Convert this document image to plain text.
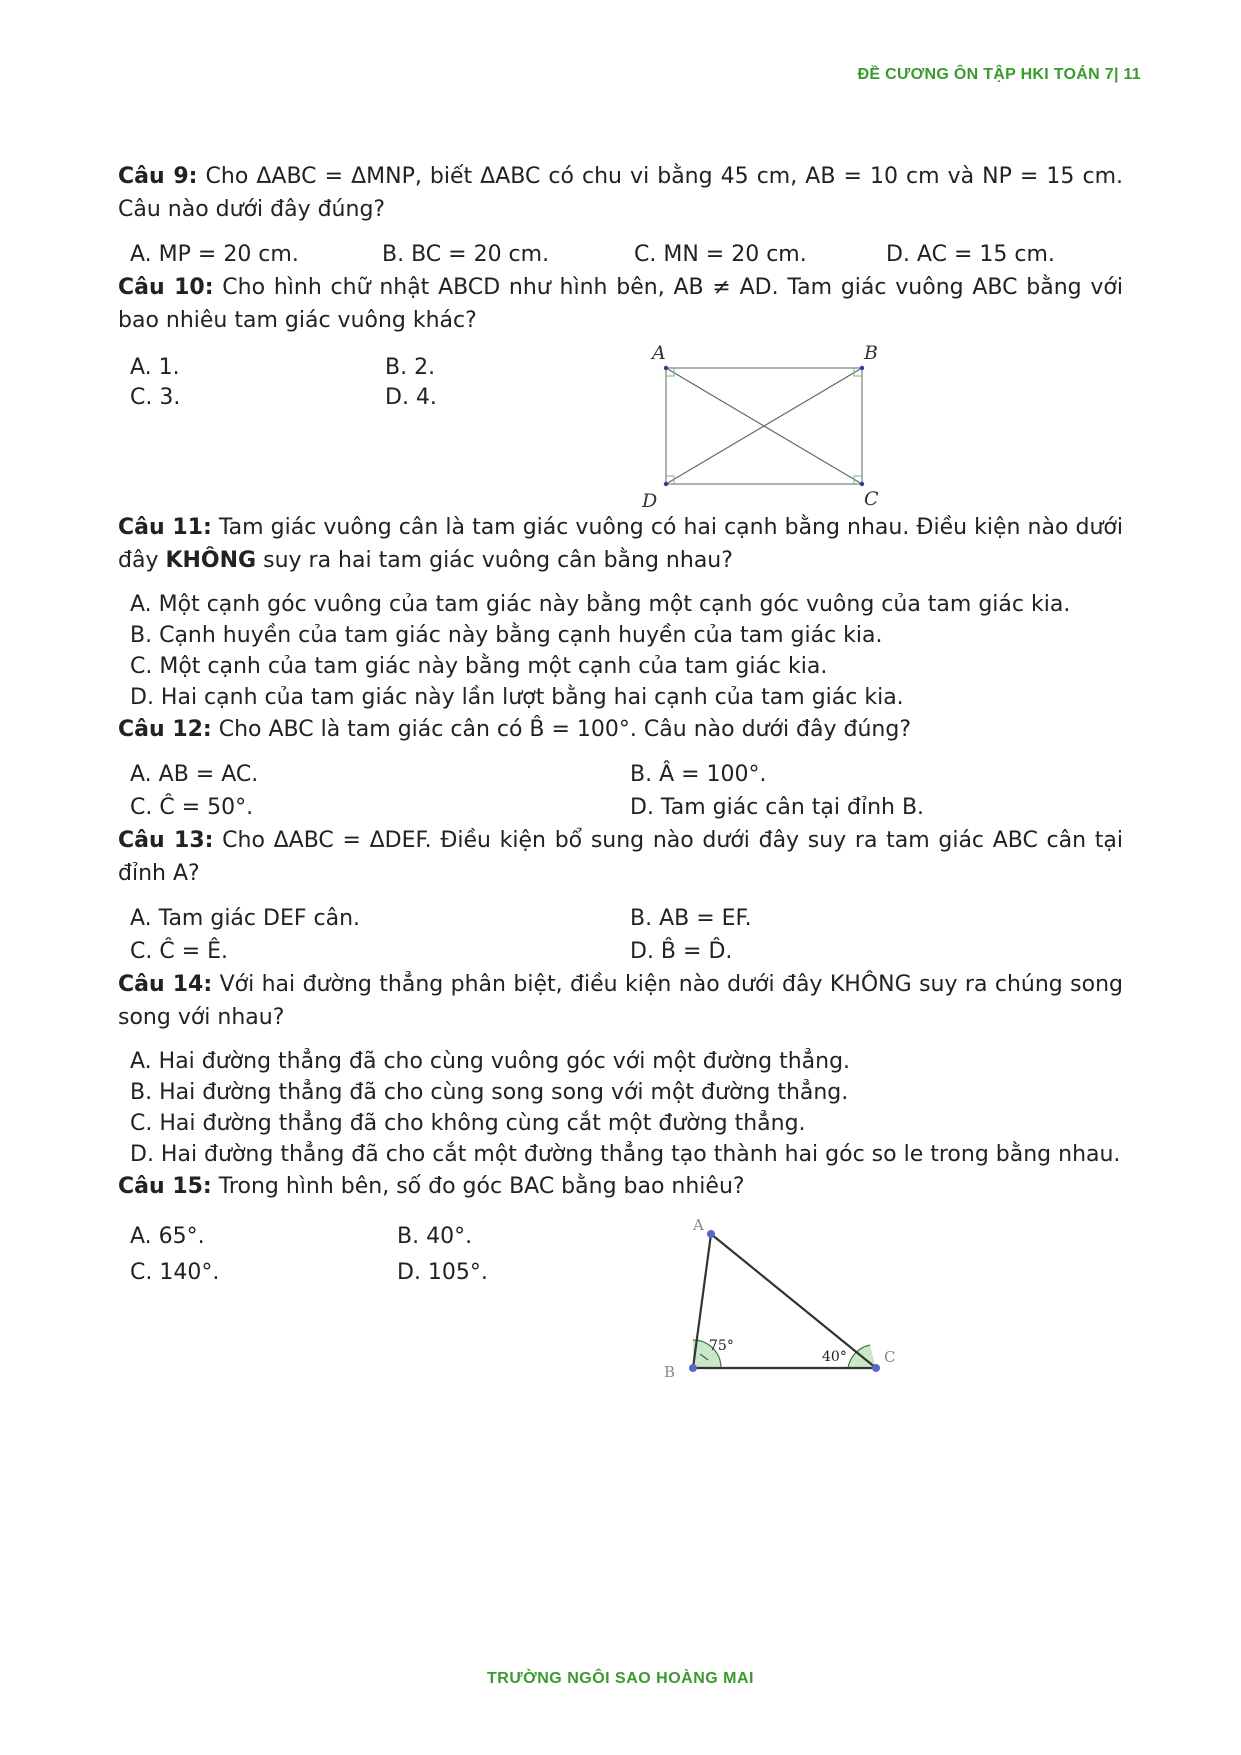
ĐỀ CƯƠNG ÔN TẬP HKI TOÁN 7| 11
Câu 9: Cho ΔABC = ΔMNP, biết ΔABC có chu vi bằng 45 cm, AB = 10 cm và NP = 15 cm. Câu nào dưới đây đúng?
A. MP = 20 cm.	B. BC = 20 cm.	C. MN = 20 cm.	D. AC = 15 cm.
Câu 10: Cho hình chữ nhật ABCD như hình bên, AB ≠ AD. Tam giác vuông ABC bằng với bao nhiêu tam giác vuông khác?
A. 1.	B. 2.
C. 3.	D. 4.
A	B
C
D
Câu 11: Tam giác vuông cân là tam giác vuông có hai cạnh bằng nhau. Điều kiện nào dưới đây KHÔNG suy ra hai tam giác vuông cân bằng nhau?
A. Một cạnh góc vuông của tam giác này bằng một cạnh góc vuông của tam giác kia.
B. Cạnh huyền của tam giác này bằng cạnh huyền của tam giác kia.
C. Một cạnh của tam giác này bằng một cạnh của tam giác kia.
D. Hai cạnh của tam giác này lần lượt bằng hai cạnh của tam giác kia.
Câu 12: Cho ABC là tam giác cân có B̂ = 100°. Câu nào dưới đây đúng?
A. AB = AC.	B. Â = 100°.
C. Ĉ = 50°.	D. Tam giác cân tại đỉnh B.
Câu 13: Cho ΔABC = ΔDEF. Điều kiện bổ sung nào dưới đây suy ra tam giác ABC cân tại đỉnh A?
A. Tam giác DEF cân.	B. AB = EF.
C. Ĉ = Ê.	D. B̂ = D̂.
Câu 14: Với hai đường thẳng phân biệt, điều kiện nào dưới đây KHÔNG suy ra chúng song song với nhau?
A. Hai đường thẳng đã cho cùng vuông góc với một đường thẳng.
B. Hai đường thẳng đã cho cùng song song với một đường thẳng.
C. Hai đường thẳng đã cho không cùng cắt một đường thẳng.
D. Hai đường thẳng đã cho cắt một đường thẳng tạo thành hai góc so le trong bằng nhau.
Câu 15: Trong hình bên, số đo góc BAC bằng bao nhiêu?
A. 65°.	B. 40°.
C. 140°.	D. 105°.
A
B
C
75°
40°
TRƯỜNG NGÔI SAO HOÀNG MAI
